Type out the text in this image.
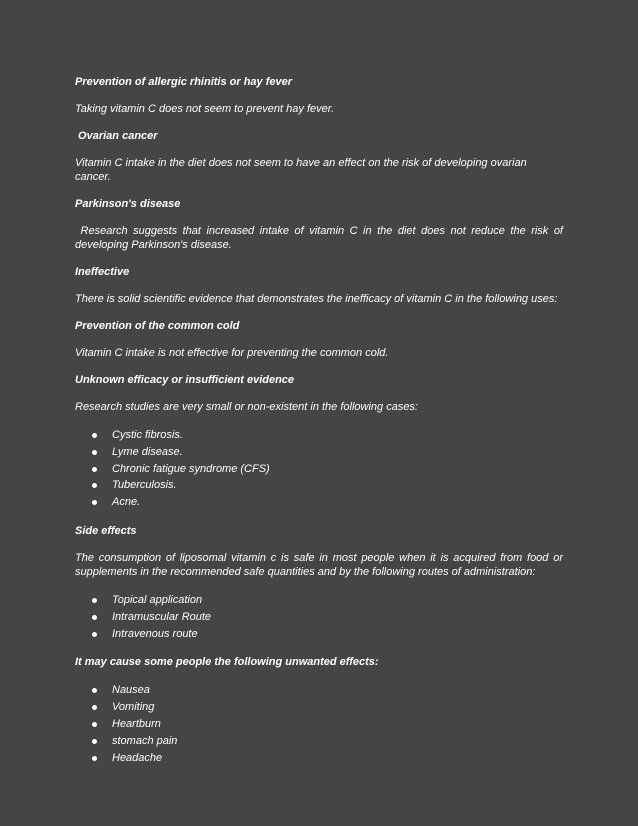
Prevention of allergic rhinitis or hay fever
Taking vitamin C does not seem to prevent hay fever.
Ovarian cancer
Vitamin C intake in the diet does not seem to have an effect on the risk of developing ovarian cancer.
Parkinson's disease
Research suggests that increased intake of vitamin C in the diet does not reduce the risk of developing Parkinson's disease.
Ineffective
There is solid scientific evidence that demonstrates the inefficacy of vitamin C in the following uses:
Prevention of the common cold
Vitamin C intake is not effective for preventing the common cold.
Unknown efficacy or insufficient evidence
Research studies are very small or non-existent in the following cases:
Cystic fibrosis.
Lyme disease.
Chronic fatigue syndrome (CFS)
Tuberculosis.
Acne.
Side effects
The consumption of liposomal vitamin c is safe in most people when it is acquired from food or supplements in the recommended safe quantities and by the following routes of administration:
Topical application
Intramuscular Route
Intravenous route
It may cause some people the following unwanted effects:
Nausea
Vomiting
Heartburn
stomach pain
Headache
